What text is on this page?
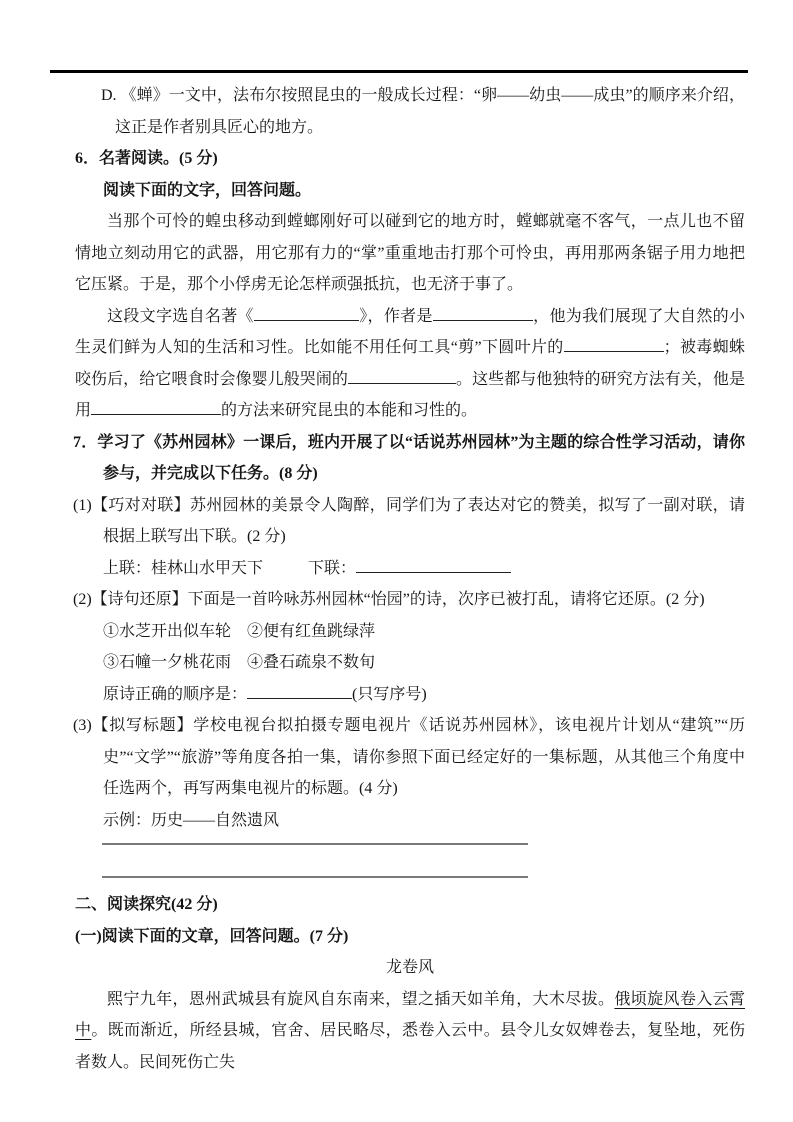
D. 《蝉》一文中，法布尔按照昆虫的一般成长过程：“卵——幼虫——成虫”的顺序来介绍，这正是作者别具匠心的地方。
6．名著阅读。(5 分)
阅读下面的文字，回答问题。
当那个可怜的蝗虫移动到螳螂刚好可以碰到它的地方时，螳螂就毫不客气，一点儿也不留情地立刻动用它的武器，用它那有力的“掌”重重地击打那个可怜虫，再用那两条锯子用力地把它压紧。于是，那个小俘虏无论怎样顽强抵抗，也无济于事了。
这段文字选自名著《	》，作者是	，他为我们展现了大自然的小生灵们鲜为人知的生活和习性。比如能不用任何工具“剪”下圆叶片的	；被毒蜘蛛咬伤后，给它喂食时会像婴儿般哭闹的	。这些都与他独特的研究方法有关，他是用	的方法来研究昆虫的本能和习性的。
7．学习了《苏州园林》一课后，班内开展了以“话说苏州园林”为主题的综合性学习活动，请你参与，并完成以下任务。(8 分)
(1)【巧对对联】苏州园林的美景令人陶醉，同学们为了表达对它的赞美，拟写了一副对联，请根据上联写出下联。(2 分)
上联：桂林山水甲天下	下联：
(2)【诗句还原】下面是一首吟咏苏州园林“怡园”的诗，次序已被打乱，请将它还原。(2 分)
①水芝开出似车轮　②便有红鱼跳绿萍
③石幢一夕桃花雨　④叠石疏泉不数旬
原诗正确的顺序是：	(只写序号)
(3)【拟写标题】学校电视台拟拍摄专题电视片《话说苏州园林》，该电视片计划从“建筑”“历史”“文学”“旅游”等角度各拍一集，请你参照下面已经定好的一集标题，从其他三个角度中任选两个，再写两集电视片的标题。(4 分)
示例：历史——自然遗风
二、阅读探究(42 分)
(一)阅读下面的文章，回答问题。(7 分)
龙卷风
熙宁九年，恩州武城县有旋风自东南来，望之插天如羊角，大木尽拔。俄顷旋风卷入云霄中。既而渐近，所经县城，官舍、居民略尽，悉卷入云中。县令儿女奴婢卷去，复坠地，死伤者数人。民间死伤亡失
